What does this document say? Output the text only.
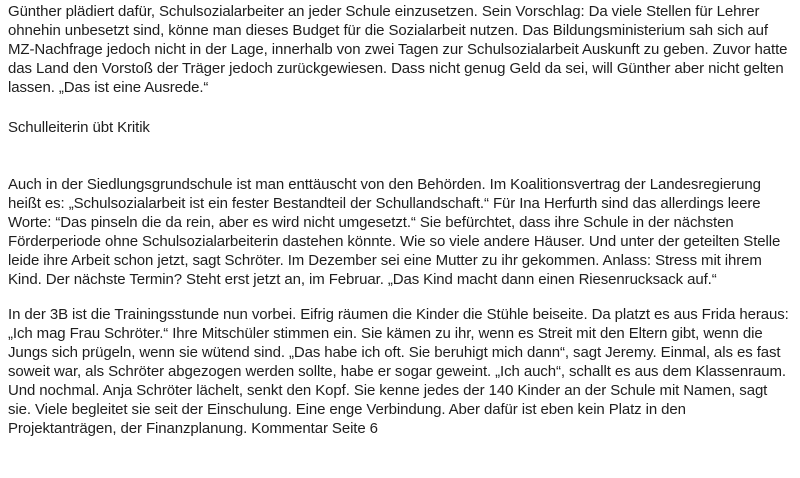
Günther plädiert dafür, Schulsozialarbeiter an jeder Schule einzusetzen. Sein Vorschlag: Da viele Stellen für Lehrer ohnehin unbesetzt sind, könne man dieses Budget für die Sozialarbeit nutzen. Das Bildungsministerium sah sich auf MZ-Nachfrage jedoch nicht in der Lage, innerhalb von zwei Tagen zur Schulsozialarbeit Auskunft zu geben. Zuvor hatte das Land den Vorstoß der Träger jedoch zurückgewiesen. Dass nicht genug Geld da sei, will Günther aber nicht gelten lassen. „Das ist eine Ausrede.“

Schulleiterin übt Kritik

Auch in der Siedlungsgrundschule ist man enttäuscht von den Behörden. Im Koalitionsvertrag der Landesregierung heißt es: „Schulsozialarbeit ist ein fester Bestandteil der Schullandschaft.“ Für Ina Herfurth sind das allerdings leere Worte: “Das pinseln die da rein, aber es wird nicht umgesetzt.“ Sie befürchtet, dass ihre Schule in der nächsten Förderperiode ohne Schulsozialarbeiterin dastehen könnte. Wie so viele andere Häuser. Und unter der geteilten Stelle leide ihre Arbeit schon jetzt, sagt Schröter. Im Dezember sei eine Mutter zu ihr gekommen. Anlass: Stress mit ihrem Kind. Der nächste Termin? Steht erst jetzt an, im Februar. „Das Kind macht dann einen Riesenrucksack auf.“

In der 3B ist die Trainingsstunde nun vorbei. Eifrig räumen die Kinder die Stühle beiseite. Da platzt es aus Frida heraus: „Ich mag Frau Schröter.“ Ihre Mitschüler stimmen ein. Sie kämen zu ihr, wenn es Streit mit den Eltern gibt, wenn die Jungs sich prügeln, wenn sie wütend sind. „Das habe ich oft. Sie beruhigt mich dann“, sagt Jeremy. Einmal, als es fast soweit war, als Schröter abgezogen werden sollte, habe er sogar geweint. „Ich auch“, schallt es aus dem Klassenraum. Und nochmal. Anja Schröter lächelt, senkt den Kopf. Sie kenne jedes der 140 Kinder an der Schule mit Namen, sagt sie. Viele begleitet sie seit der Einschulung. Eine enge Verbindung. Aber dafür ist eben kein Platz in den Projektanträgen, der Finanzplanung. Kommentar Seite 6
